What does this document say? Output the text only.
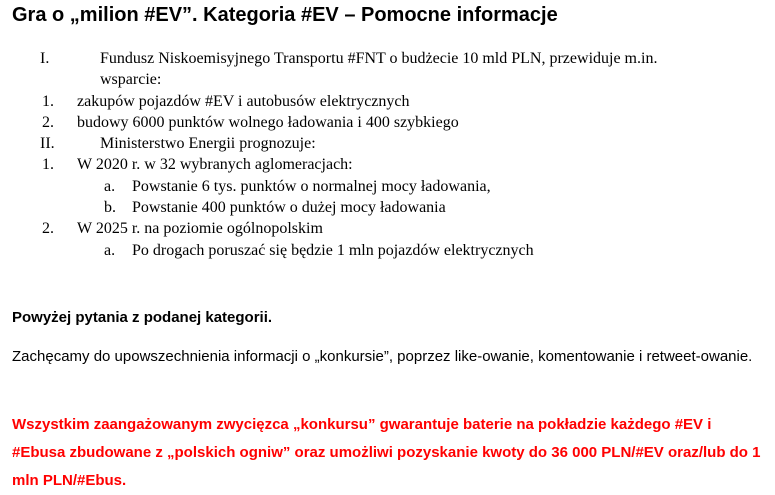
Gra o „milion #EV”. Kategoria #EV – Pomocne informacje
I.	Fundusz Niskoemisyjnego Transportu #FNT o budżecie 10 mld PLN, przewiduje m.in.
wsparcie:
1. zakupów pojazdów #EV i autobusów elektrycznych
2. budowy 6000 punktów wolnego ładowania i 400 szybkiego
II.	Ministerstwo Energii prognozuje:
1. W 2020 r. w 32 wybranych aglomeracjach:
a. Powstanie 6 tys. punktów o normalnej mocy ładowania,
b. Powstanie 400 punktów o dużej mocy ładowania
2. W 2025 r. na poziomie ogólnopolskim
a. Po drogach poruszać się będzie 1 mln pojazdów elektrycznych
Powyżej pytania z podanej kategorii.
Zachęcamy do upowszechnienia informacji o „konkursie”, poprzez like-owanie, komentowanie i retweet-owanie.
Wszystkim zaangażowanym zwycięzca „konkursu” gwarantuje baterie na pokładzie każdego #EV i #Ebusa zbudowane z „polskich ogniw” oraz umożliwi pozyskanie kwoty do 36 000 PLN/#EV oraz/lub do 1 mln PLN/#Ebus.
